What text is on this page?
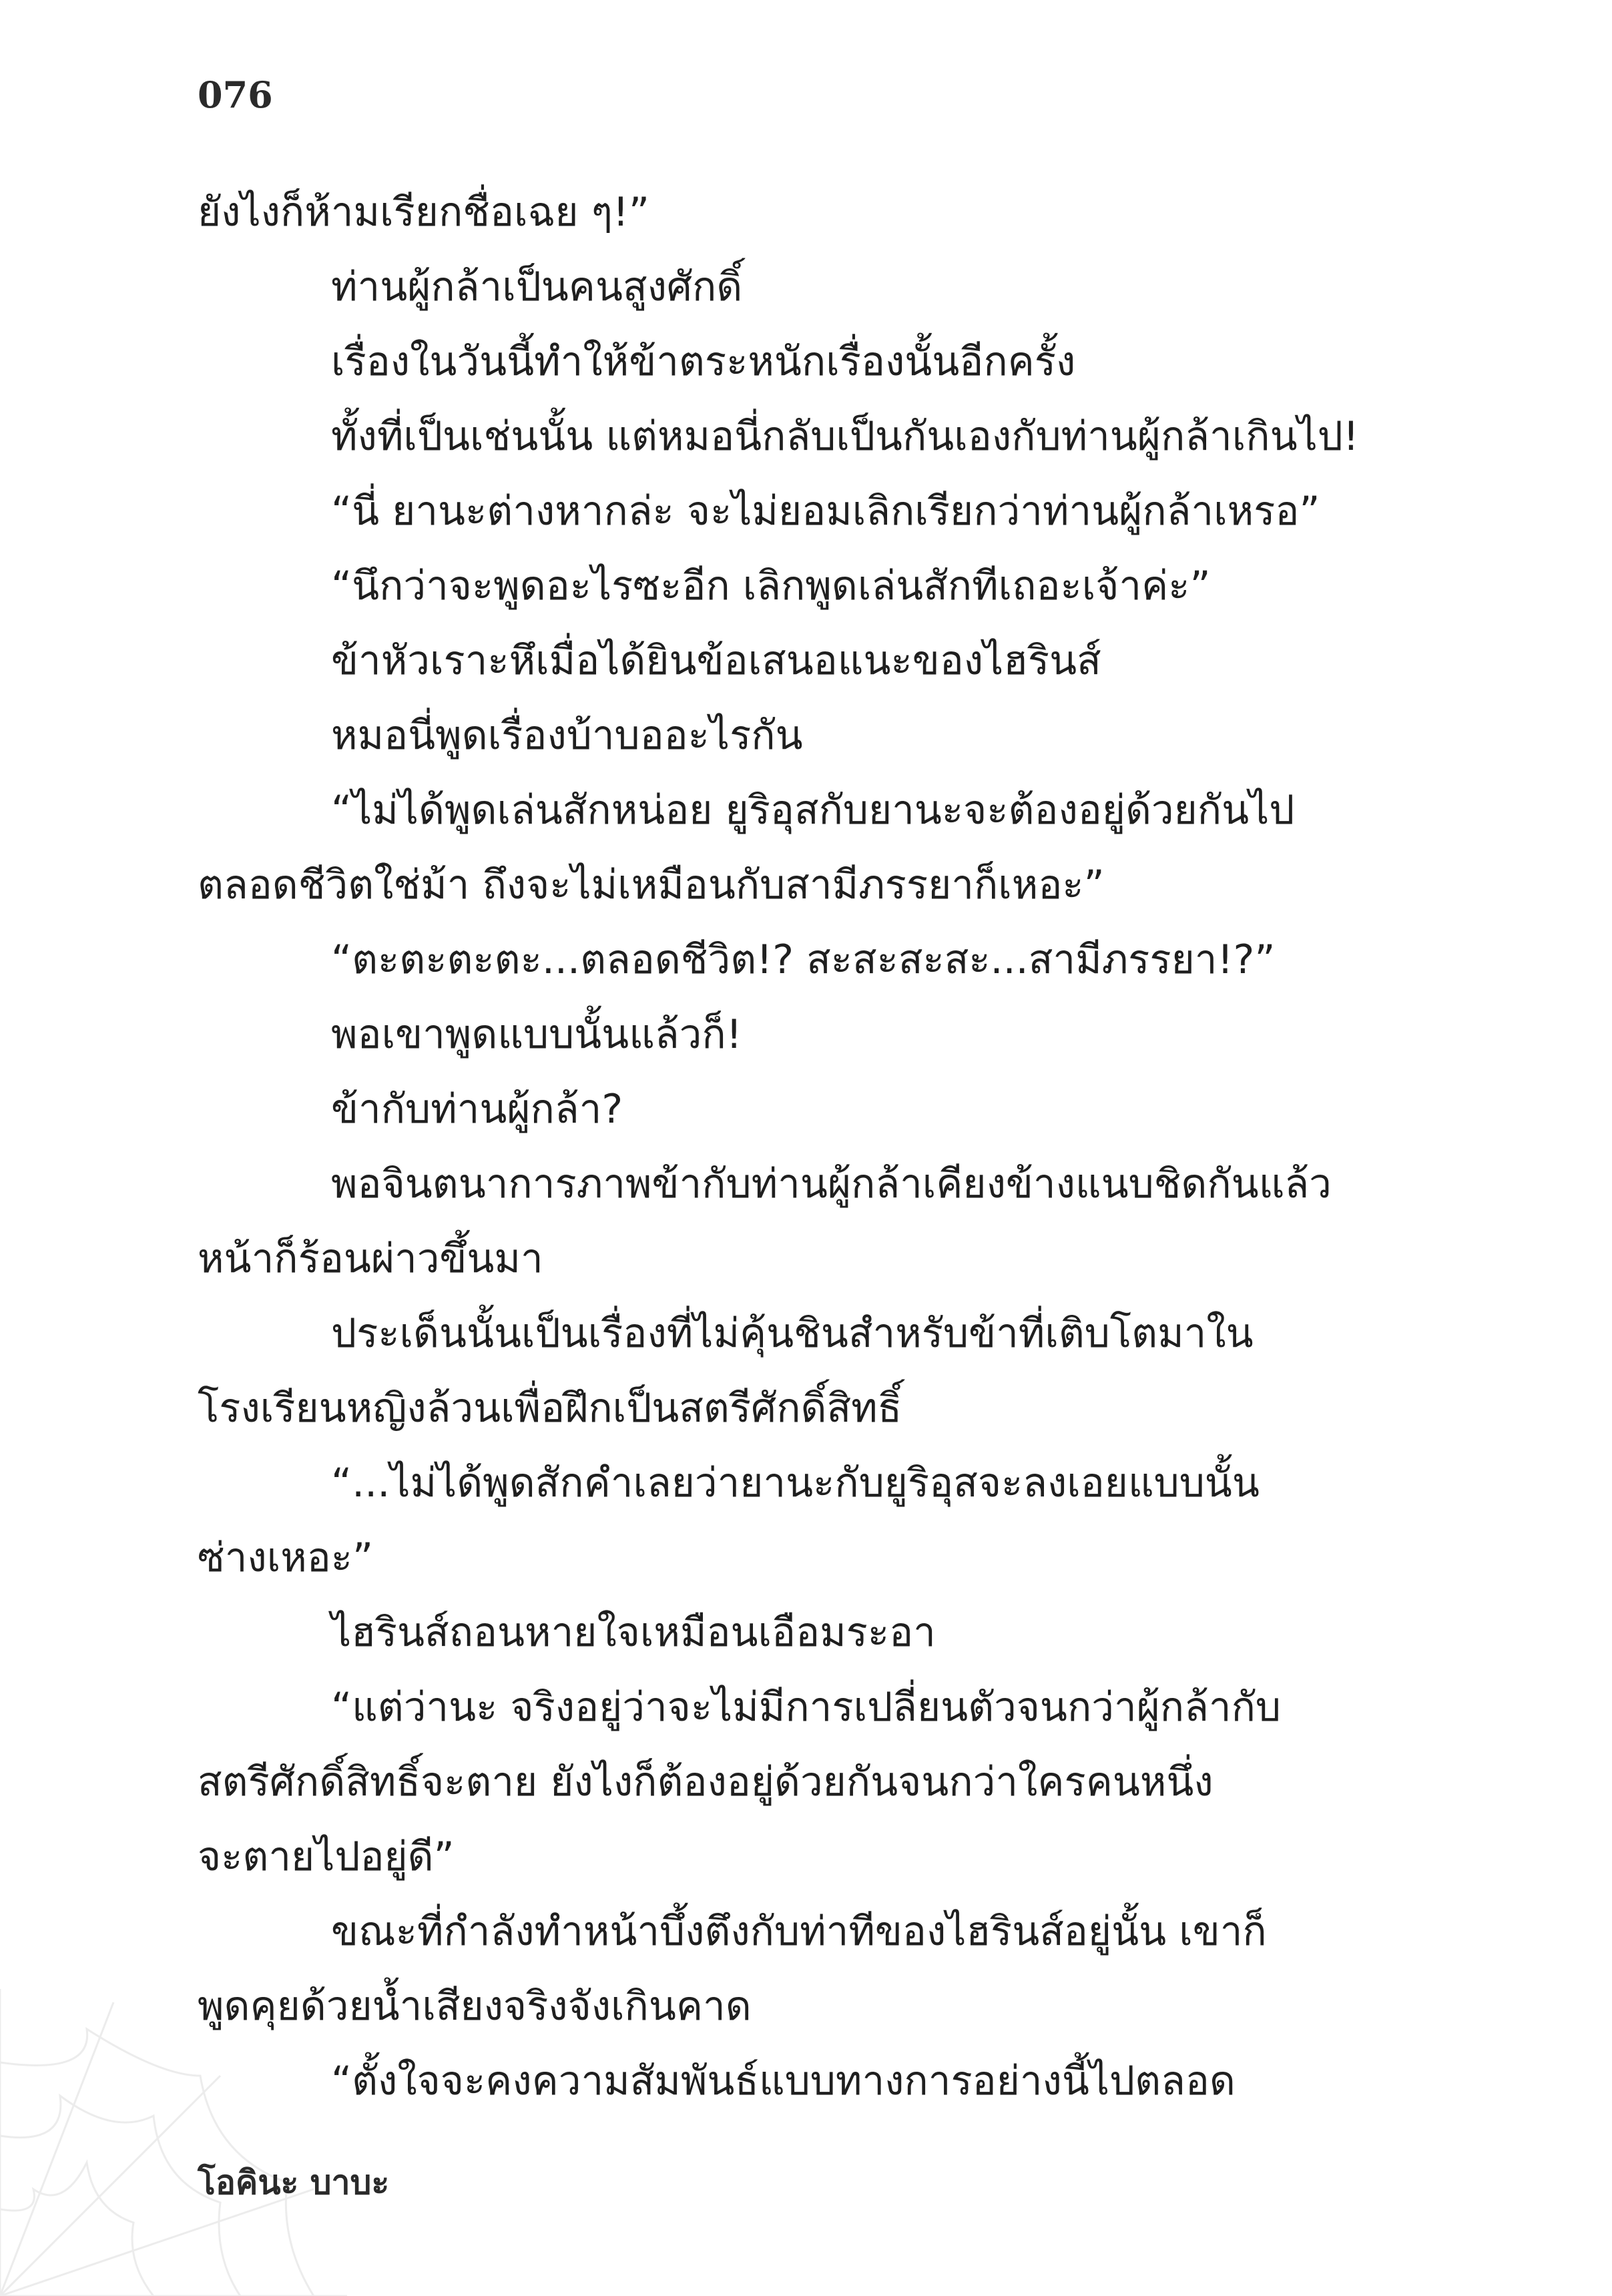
076
ยังไงก็ห้ามเรียกชื่อเฉย ๆ!”
ท่านผู้กล้าเป็นคนสูงศักดิ์
เรื่องในวันนี้ทำให้ข้าตระหนักเรื่องนั้นอีกครั้ง
ทั้งที่เป็นเช่นนั้น แต่หมอนี่กลับเป็นกันเองกับท่านผู้กล้าเกินไป!
“นี่ ยานะต่างหากล่ะ จะไม่ยอมเลิกเรียกว่าท่านผู้กล้าเหรอ”
“นึกว่าจะพูดอะไรซะอีก เลิกพูดเล่นสักทีเถอะเจ้าค่ะ”
ข้าหัวเราะหึเมื่อได้ยินข้อเสนอแนะของไฮรินส์
หมอนี่พูดเรื่องบ้าบออะไรกัน
“ไม่ได้พูดเล่นสักหน่อย ยูริอุสกับยานะจะต้องอยู่ด้วยกันไป
ตลอดชีวิตใช่ม้า ถึงจะไม่เหมือนกับสามีภรรยาก็เหอะ”
“ตะตะตะตะ...ตลอดชีวิต!? สะสะสะสะ...สามีภรรยา!?”
พอเขาพูดแบบนั้นแล้วก็!
ข้ากับท่านผู้กล้า?
พอจินตนาการภาพข้ากับท่านผู้กล้าเคียงข้างแนบชิดกันแล้ว
หน้าก็ร้อนผ่าวขึ้นมา
ประเด็นนั้นเป็นเรื่องที่ไม่คุ้นชินสำหรับข้าที่เติบโตมาใน
โรงเรียนหญิงล้วนเพื่อฝึกเป็นสตรีศักดิ์สิทธิ์
“...ไม่ได้พูดสักคำเลยว่ายานะกับยูริอุสจะลงเอยแบบนั้น
ซ่างเหอะ”
ไฮรินส์ถอนหายใจเหมือนเอือมระอา
“แต่ว่านะ จริงอยู่ว่าจะไม่มีการเปลี่ยนตัวจนกว่าผู้กล้ากับ
สตรีศักดิ์สิทธิ์จะตาย ยังไงก็ต้องอยู่ด้วยกันจนกว่าใครคนหนึ่ง
จะตายไปอยู่ดี”
ขณะที่กำลังทำหน้าบึ้งตึงกับท่าทีของไฮรินส์อยู่นั้น เขาก็
พูดคุยด้วยน้ำเสียงจริงจังเกินคาด
“ตั้งใจจะคงความสัมพันธ์แบบทางการอย่างนี้ไปตลอด
โอคินะ บาบะ
